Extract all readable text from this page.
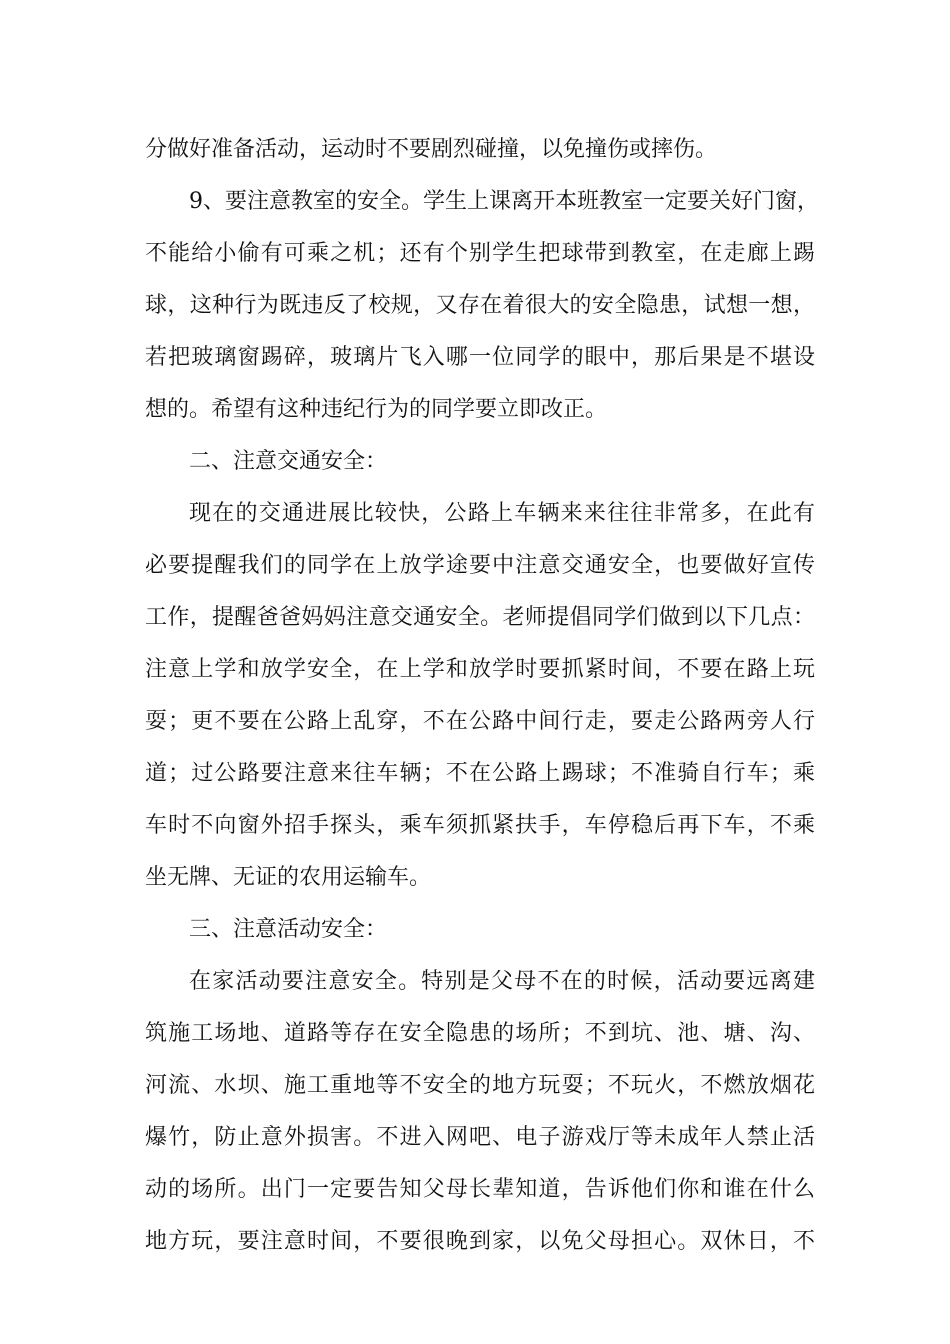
分做好准备活动，运动时不要剧烈碰撞，以免撞伤或摔伤。
9、要注意教室的安全。学生上课离开本班教室一定要关好门窗，
不能给小偷有可乘之机；还有个别学生把球带到教室，在走廊上踢
球，这种行为既违反了校规，又存在着很大的安全隐患，试想一想，
若把玻璃窗踢碎，玻璃片飞入哪一位同学的眼中，那后果是不堪设
想的。希望有这种违纪行为的同学要立即改正。
二、注意交通安全：
现在的交通进展比较快，公路上车辆来来往往非常多，在此有
必要提醒我们的同学在上放学途要中注意交通安全，也要做好宣传
工作，提醒爸爸妈妈注意交通安全。老师提倡同学们做到以下几点：
注意上学和放学安全，在上学和放学时要抓紧时间，不要在路上玩
耍；更不要在公路上乱穿，不在公路中间行走，要走公路两旁人行
道；过公路要注意来往车辆；不在公路上踢球；不准骑自行车；乘
车时不向窗外招手探头，乘车须抓紧扶手，车停稳后再下车，不乘
坐无牌、无证的农用运输车。
三、注意活动安全：
在家活动要注意安全。特别是父母不在的时候，活动要远离建
筑施工场地、道路等存在安全隐患的场所；不到坑、池、塘、沟、
河流、水坝、施工重地等不安全的地方玩耍；不玩火，不燃放烟花
爆竹，防止意外损害。不进入网吧、电子游戏厅等未成年人禁止活
动的场所。出门一定要告知父母长辈知道，告诉他们你和谁在什么
地方玩，要注意时间，不要很晚到家，以免父母担心。双休日，不
